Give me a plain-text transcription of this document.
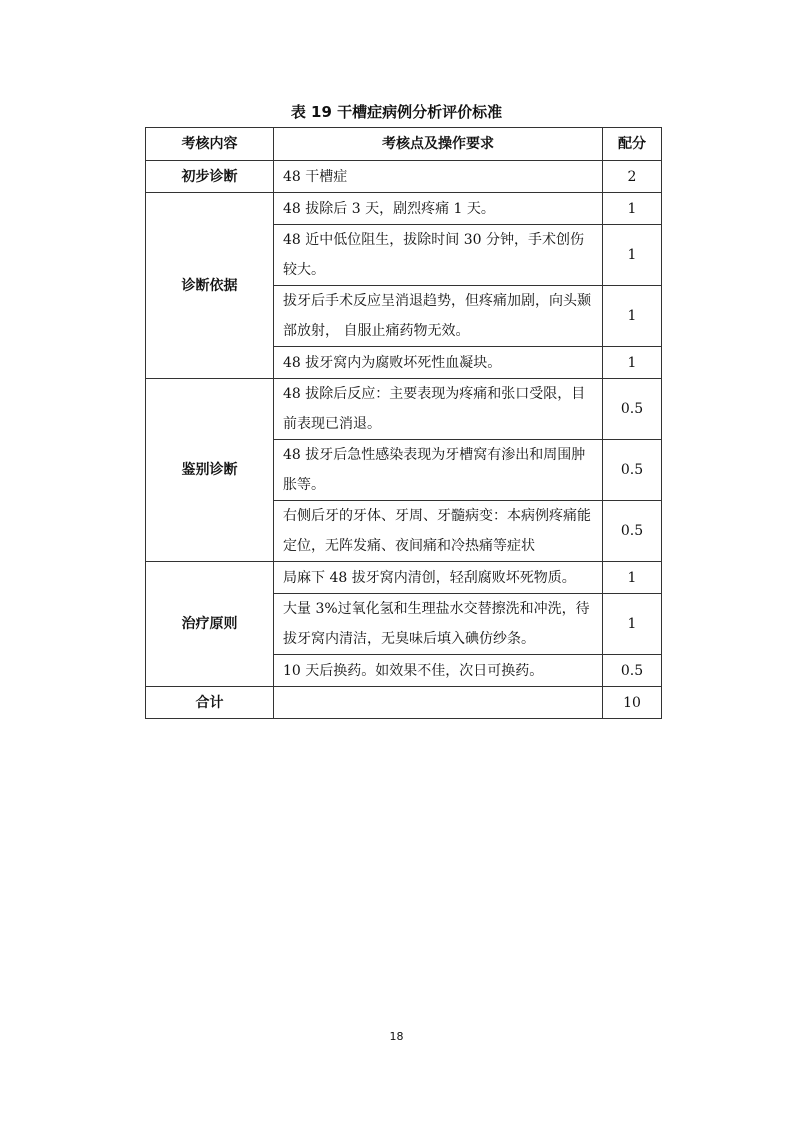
表 19 干槽症病例分析评价标准
考核内容	考核点及操作要求	配分
初步诊断	48 干槽症	2
诊断依据	48 拔除后 3 天，剧烈疼痛 1 天。	1
	48 近中低位阻生，拔除时间 30 分钟，手术创伤较大。	1
	拔牙后手术反应呈消退趋势，但疼痛加剧，向头颞部放射， 自服止痛药物无效。	1
	48 拔牙窝内为腐败坏死性血凝块。	1
鉴别诊断	48 拔除后反应：主要表现为疼痛和张口受限，目前表现已消退。	0.5
	48 拔牙后急性感染表现为牙槽窝有渗出和周围肿胀等。	0.5
	右侧后牙的牙体、牙周、牙髓病变：本病例疼痛能定位，无阵发痛、夜间痛和冷热痛等症状	0.5
治疗原则	局麻下 48 拔牙窝内清创，轻刮腐败坏死物质。	1
	大量 3%过氧化氢和生理盐水交替擦洗和冲洗，待拔牙窝内清洁，无臭味后填入碘仿纱条。	1
	10 天后换药。如效果不佳，次日可换药。	0.5
合计		10
18
